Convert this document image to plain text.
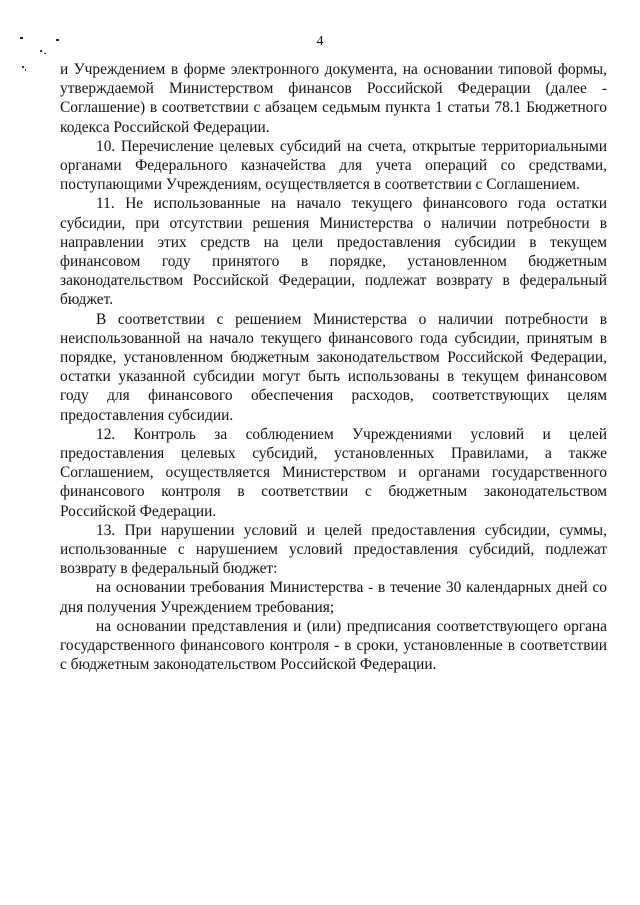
4

и Учреждением в форме электронного документа, на основании типовой формы, утверждаемой Министерством финансов Российской Федерации (далее - Соглашение) в соответствии с абзацем седьмым пункта 1 статьи 78.1 Бюджетного кодекса Российской Федерации.

10. Перечисление целевых субсидий на счета, открытые территориальными органами Федерального казначейства для учета операций со средствами, поступающими Учреждениям, осуществляется в соответствии с Соглашением.

11. Не использованные на начало текущего финансового года остатки субсидии, при отсутствии решения Министерства о наличии потребности в направлении этих средств на цели предоставления субсидии в текущем финансовом году принятого в порядке, установленном бюджетным законодательством Российской Федерации, подлежат возврату в федеральный бюджет.

В соответствии с решением Министерства о наличии потребности в неиспользованной на начало текущего финансового года субсидии, принятым в порядке, установленном бюджетным законодательством Российской Федерации, остатки указанной субсидии могут быть использованы в текущем финансовом году для финансового обеспечения расходов, соответствующих целям предоставления субсидии.

12. Контроль за соблюдением Учреждениями условий и целей предоставления целевых субсидий, установленных Правилами, а также Соглашением, осуществляется Министерством и органами государственного финансового контроля в соответствии с бюджетным законодательством Российской Федерации.

13. При нарушении условий и целей предоставления субсидии, суммы, использованные с нарушением условий предоставления субсидий, подлежат возврату в федеральный бюджет:

на основании требования Министерства - в течение 30 календарных дней со дня получения Учреждением требования;

на основании представления и (или) предписания соответствующего органа государственного финансового контроля - в сроки, установленные в соответствии с бюджетным законодательством Российской Федерации.
